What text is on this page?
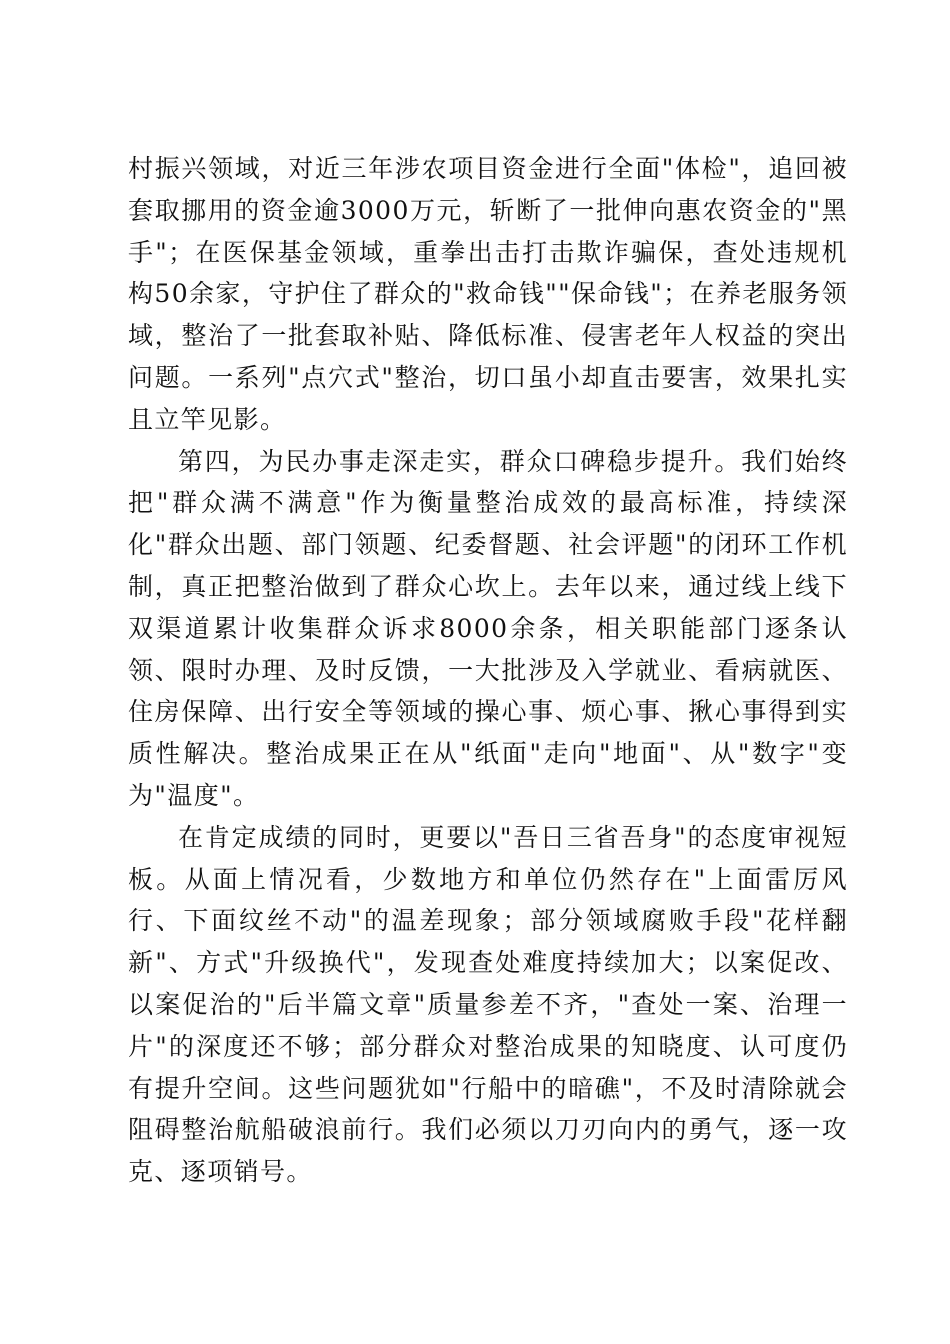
村振兴领域，对近三年涉农项目资金进行全面"体检"，追回被套取挪用的资金逾3000万元，斩断了一批伸向惠农资金的"黑手"；在医保基金领域，重拳出击打击欺诈骗保，查处违规机构50余家，守护住了群众的"救命钱""保命钱"；在养老服务领域，整治了一批套取补贴、降低标准、侵害老年人权益的突出问题。一系列"点穴式"整治，切口虽小却直击要害，效果扎实且立竿见影。

第四，为民办事走深走实，群众口碑稳步提升。我们始终把"群众满不满意"作为衡量整治成效的最高标准，持续深化"群众出题、部门领题、纪委督题、社会评题"的闭环工作机制，真正把整治做到了群众心坎上。去年以来，通过线上线下双渠道累计收集群众诉求8000余条，相关职能部门逐条认领、限时办理、及时反馈，一大批涉及入学就业、看病就医、住房保障、出行安全等领域的操心事、烦心事、揪心事得到实质性解决。整治成果正在从"纸面"走向"地面"、从"数字"变为"温度"。

在肯定成绩的同时，更要以"吾日三省吾身"的态度审视短板。从面上情况看，少数地方和单位仍然存在"上面雷厉风行、下面纹丝不动"的温差现象；部分领域腐败手段"花样翻新"、方式"升级换代"，发现查处难度持续加大；以案促改、以案促治的"后半篇文章"质量参差不齐，"查处一案、治理一片"的深度还不够；部分群众对整治成果的知晓度、认可度仍有提升空间。这些问题犹如"行船中的暗礁"，不及时清除就会阻碍整治航船破浪前行。我们必须以刀刃向内的勇气，逐一攻克、逐项销号。
